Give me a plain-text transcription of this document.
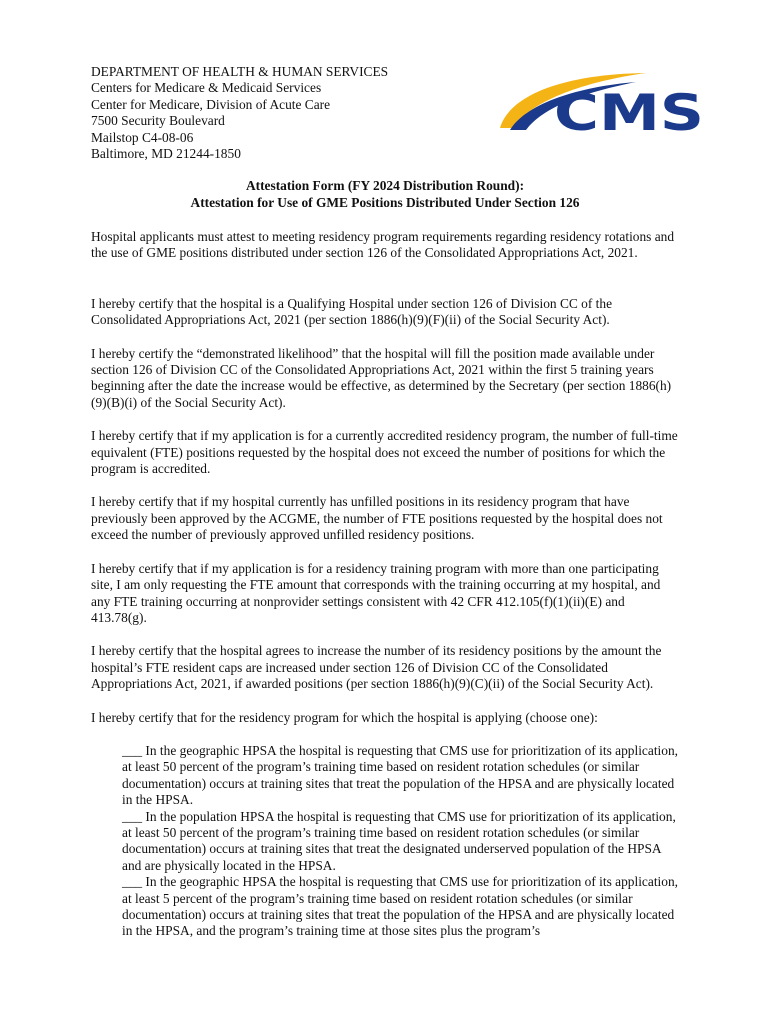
DEPARTMENT OF HEALTH & HUMAN SERVICES
Centers for Medicare & Medicaid Services
Center for Medicare, Division of Acute Care
7500 Security Boulevard
Mailstop C4-08-06
Baltimore, MD 21244-1850
CMS
Attestation Form (FY 2024 Distribution Round):
Attestation for Use of GME Positions Distributed Under Section 126

Hospital applicants must attest to meeting residency program requirements regarding residency rotations and the use of GME positions distributed under section 126 of the Consolidated Appropriations Act, 2021.

I hereby certify that the hospital is a Qualifying Hospital under section 126 of Division CC of the Consolidated Appropriations Act, 2021 (per section 1886(h)(9)(F)(ii) of the Social Security Act).

I hereby certify the “demonstrated likelihood” that the hospital will fill the position made available under section 126 of Division CC of the Consolidated Appropriations Act, 2021 within the first 5 training years beginning after the date the increase would be effective, as determined by the Secretary (per section 1886(h)(9)(B)(i) of the Social Security Act).

I hereby certify that if my application is for a currently accredited residency program, the number of full-time equivalent (FTE) positions requested by the hospital does not exceed the number of positions for which the program is accredited.

I hereby certify that if my hospital currently has unfilled positions in its residency program that have previously been approved by the ACGME, the number of FTE positions requested by the hospital does not exceed the number of previously approved unfilled residency positions.

I hereby certify that if my application is for a residency training program with more than one participating site, I am only requesting the FTE amount that corresponds with the training occurring at my hospital, and any FTE training occurring at nonprovider settings consistent with 42 CFR 412.105(f)(1)(ii)(E) and 413.78(g).

I hereby certify that the hospital agrees to increase the number of its residency positions by the amount the hospital’s FTE resident caps are increased under section 126 of Division CC of the Consolidated Appropriations Act, 2021, if awarded positions (per section 1886(h)(9)(C)(ii) of the Social Security Act).

I hereby certify that for the residency program for which the hospital is applying (choose one):

___ In the geographic HPSA the hospital is requesting that CMS use for prioritization of its application, at least 50 percent of the program’s training time based on resident rotation schedules (or similar documentation) occurs at training sites that treat the population of the HPSA and are physically located in the HPSA.

___ In the population HPSA the hospital is requesting that CMS use for prioritization of its application, at least 50 percent of the program’s training time based on resident rotation schedules (or similar documentation) occurs at training sites that treat the designated underserved population of the HPSA and are physically located in the HPSA.

___ In the geographic HPSA the hospital is requesting that CMS use for prioritization of its application, at least 5 percent of the program’s training time based on resident rotation schedules (or similar documentation) occurs at training sites that treat the population of the HPSA and are physically located in the HPSA, and the program’s training time at those sites plus the program’s
